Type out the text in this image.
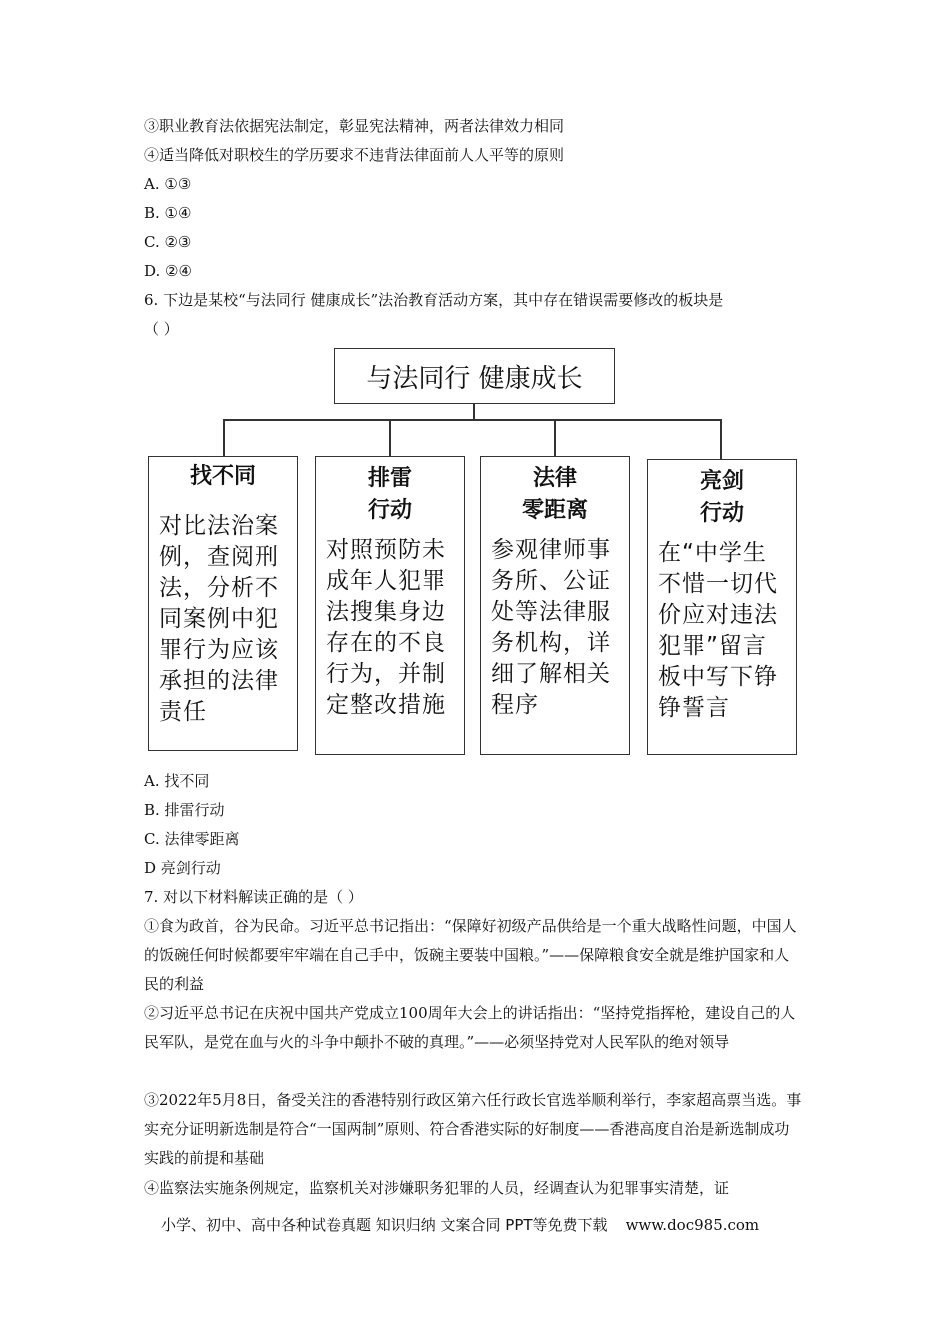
③职业教育法依据宪法制定，彰显宪法精神，两者法律效力相同
④适当降低对职校生的学历要求不违背法律面前人人平等的原则
A. ①③
B. ①④
C. ②③
D. ②④
6. 下边是某校“与法同行 健康成长”法治教育活动方案，其中存在错误需要修改的板块是
（ ）
与法同行 健康成长
找不同
对比法治案例，查阅刑法，分析不同案例中犯罪行为应该承担的法律责任
排雷
行动
对照预防未成年人犯罪法搜集身边存在的不良行为，并制定整改措施
法律
零距离
参观律师事务所、公证处等法律服务机构，详细了解相关程序
亮剑
行动
在“中学生不惜一切代价应对违法犯罪”留言板中写下铮铮誓言
A. 找不同
B. 排雷行动
C. 法律零距离
D 亮剑行动
7. 对以下材料解读正确的是（ ）
①食为政首，谷为民命。习近平总书记指出：“保障好初级产品供给是一个重大战略性问题，中国人的饭碗任何时候都要牢牢端在自己手中，饭碗主要装中国粮。”——保障粮食安全就是维护国家和人民的利益
②习近平总书记在庆祝中国共产党成立100周年大会上的讲话指出：“坚持党指挥枪，建设自己的人民军队，是党在血与火的斗争中颠扑不破的真理。”——必须坚持党对人民军队的绝对领导
③2022年5月8日，备受关注的香港特别行政区第六任行政长官选举顺利举行，李家超高票当选。事实充分证明新选制是符合“一国两制”原则、符合香港实际的好制度——香港高度自治是新选制成功实践的前提和基础
④监察法实施条例规定，监察机关对涉嫌职务犯罪的人员，经调查认为犯罪事实清楚，证
小学、初中、高中各种试卷真题 知识归纳 文案合同 PPT等免费下载 www.doc985.com
